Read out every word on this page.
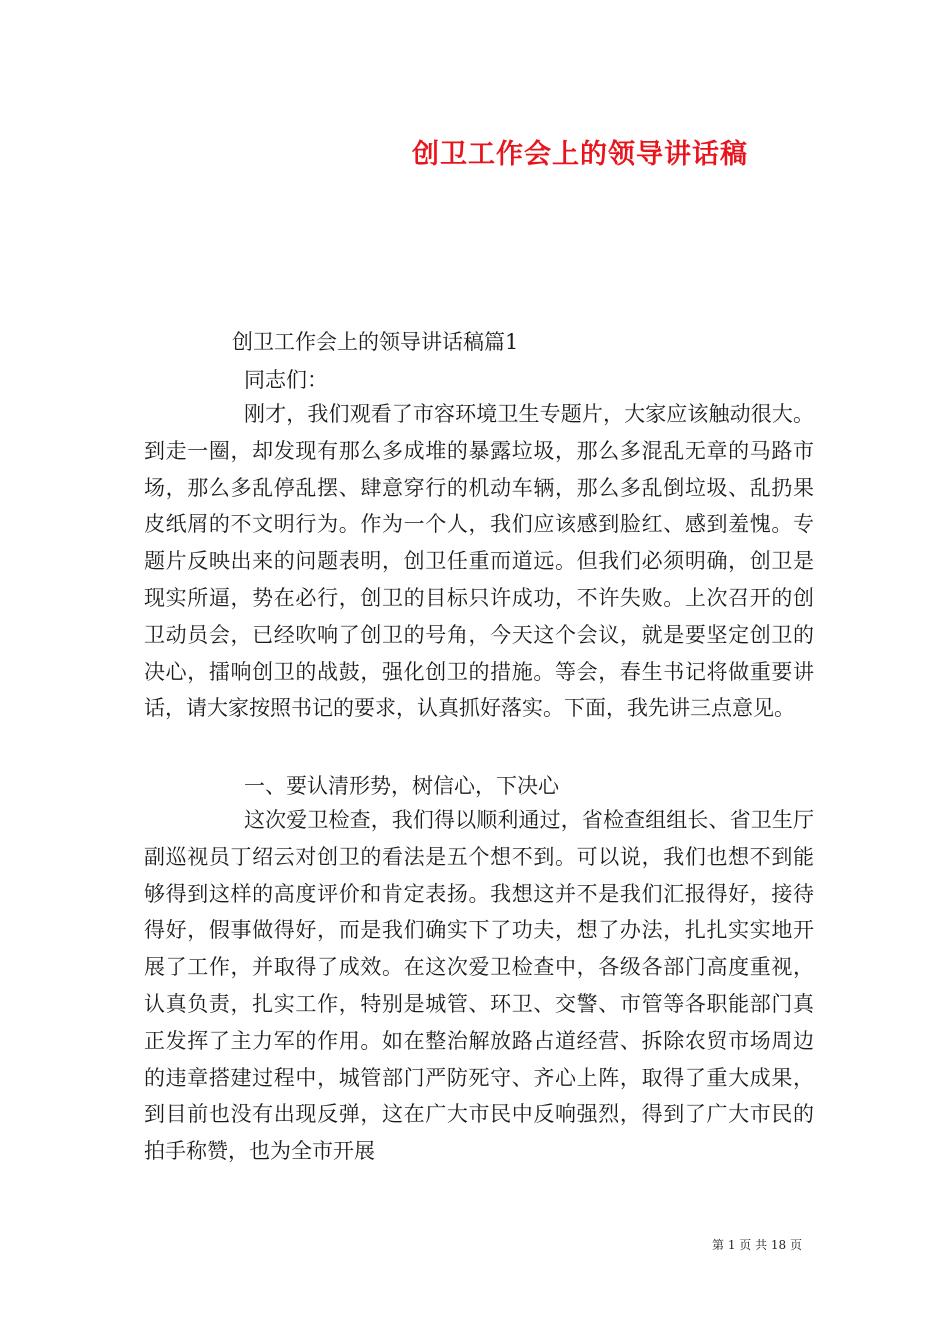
创卫工作会上的领导讲话稿

创卫工作会上的领导讲话稿篇1

同志们：

刚才，我们观看了市容环境卫生专题片，大家应该触动很大。到走一圈，却发现有那么多成堆的暴露垃圾，那么多混乱无章的马路市场，那么多乱停乱摆、肆意穿行的机动车辆，那么多乱倒垃圾、乱扔果皮纸屑的不文明行为。作为一个人，我们应该感到脸红、感到羞愧。专题片反映出来的问题表明，创卫任重而道远。但我们必须明确，创卫是现实所逼，势在必行，创卫的目标只许成功，不许失败。上次召开的创卫动员会，已经吹响了创卫的号角，今天这个会议，就是要坚定创卫的决心，擂响创卫的战鼓，强化创卫的措施。等会，春生书记将做重要讲话，请大家按照书记的要求，认真抓好落实。下面，我先讲三点意见。

一、要认清形势，树信心，下决心

这次爱卫检查，我们得以顺利通过，省检查组组长、省卫生厅副巡视员丁绍云对创卫的看法是五个想不到。可以说，我们也想不到能够得到这样的高度评价和肯定表扬。我想这并不是我们汇报得好，接待得好，假事做得好，而是我们确实下了功夫，想了办法，扎扎实实地开展了工作，并取得了成效。在这次爱卫检查中，各级各部门高度重视，认真负责，扎实工作，特别是城管、环卫、交警、市管等各职能部门真正发挥了主力军的作用。如在整治解放路占道经营、拆除农贸市场周边的违章搭建过程中，城管部门严防死守、齐心上阵，取得了重大成果，到目前也没有出现反弹，这在广大市民中反响强烈，得到了广大市民的拍手称赞，也为全市开展

第 1 页 共 18 页
